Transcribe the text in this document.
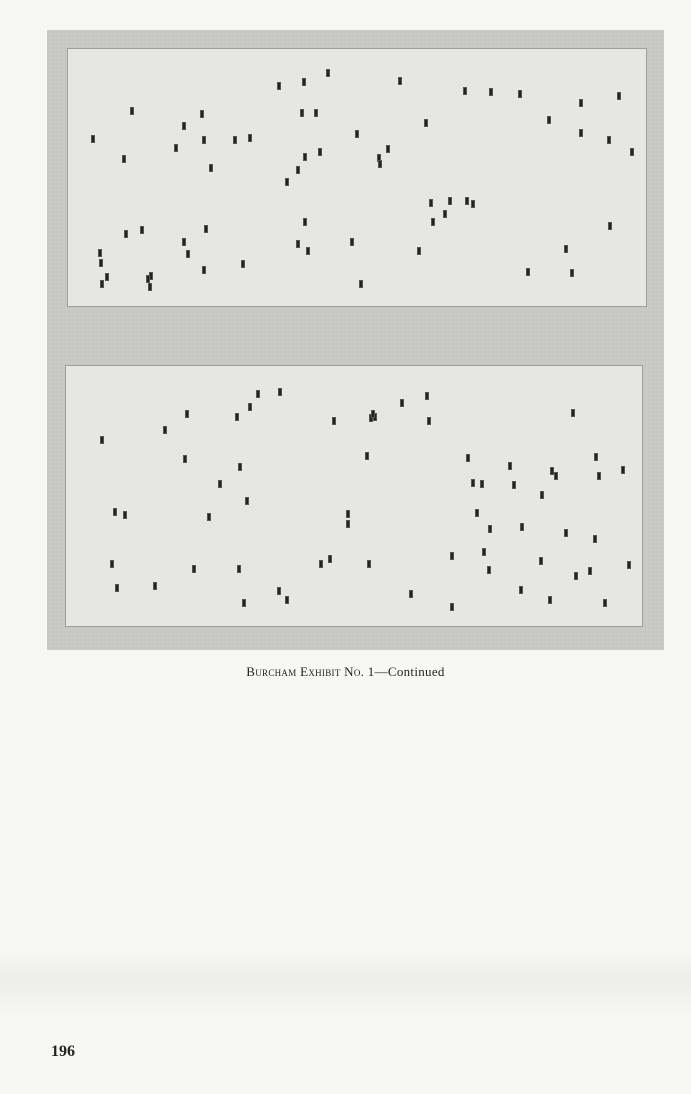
Burcham Exhibit No. 1—Continued
196
